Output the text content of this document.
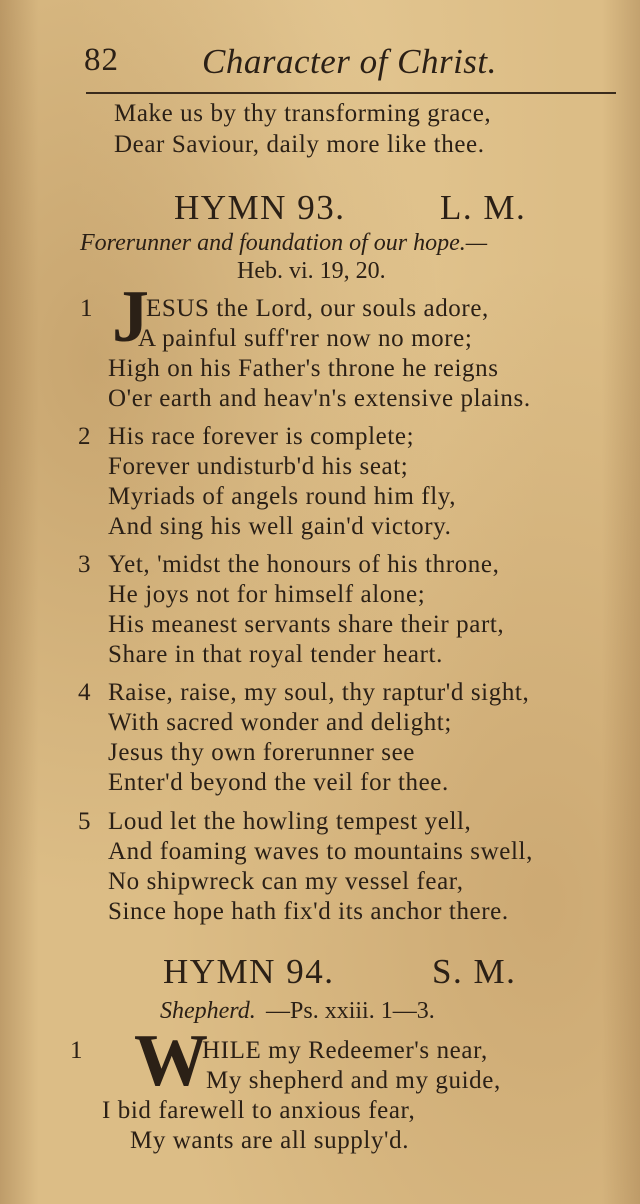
82 Character of Christ.
Make us by thy transforming grace,
Dear Saviour, daily more like thee.
HYMN 93.	L. M.
Forerunner and foundation of our hope.—
Heb. vi. 19, 20.
1 J
ESUS the Lord, our souls adore,
A painful suff'rer now no more;
High on his Father's throne he reigns
O'er earth and heav'n's extensive plains.
2 His race forever is complete;
Forever undisturb'd his seat;
Myriads of angels round him fly,
And sing his well gain'd victory.
3 Yet, 'midst the honours of his throne,
He joys not for himself alone;
His meanest servants share their part,
Share in that royal tender heart.
4 Raise, raise, my soul, thy raptur'd sight,
With sacred wonder and delight;
Jesus thy own forerunner see
Enter'd beyond the veil for thee.
5 Loud let the howling tempest yell,
And foaming waves to mountains swell,
No shipwreck can my vessel fear,
Since hope hath fix'd its anchor there.
HYMN 94.	S. M.
Shepherd. —Ps. xxiii. 1—3.
1 W
HILE my Redeemer's near,
My shepherd and my guide,
I bid farewell to anxious fear,
My wants are all supply'd.
